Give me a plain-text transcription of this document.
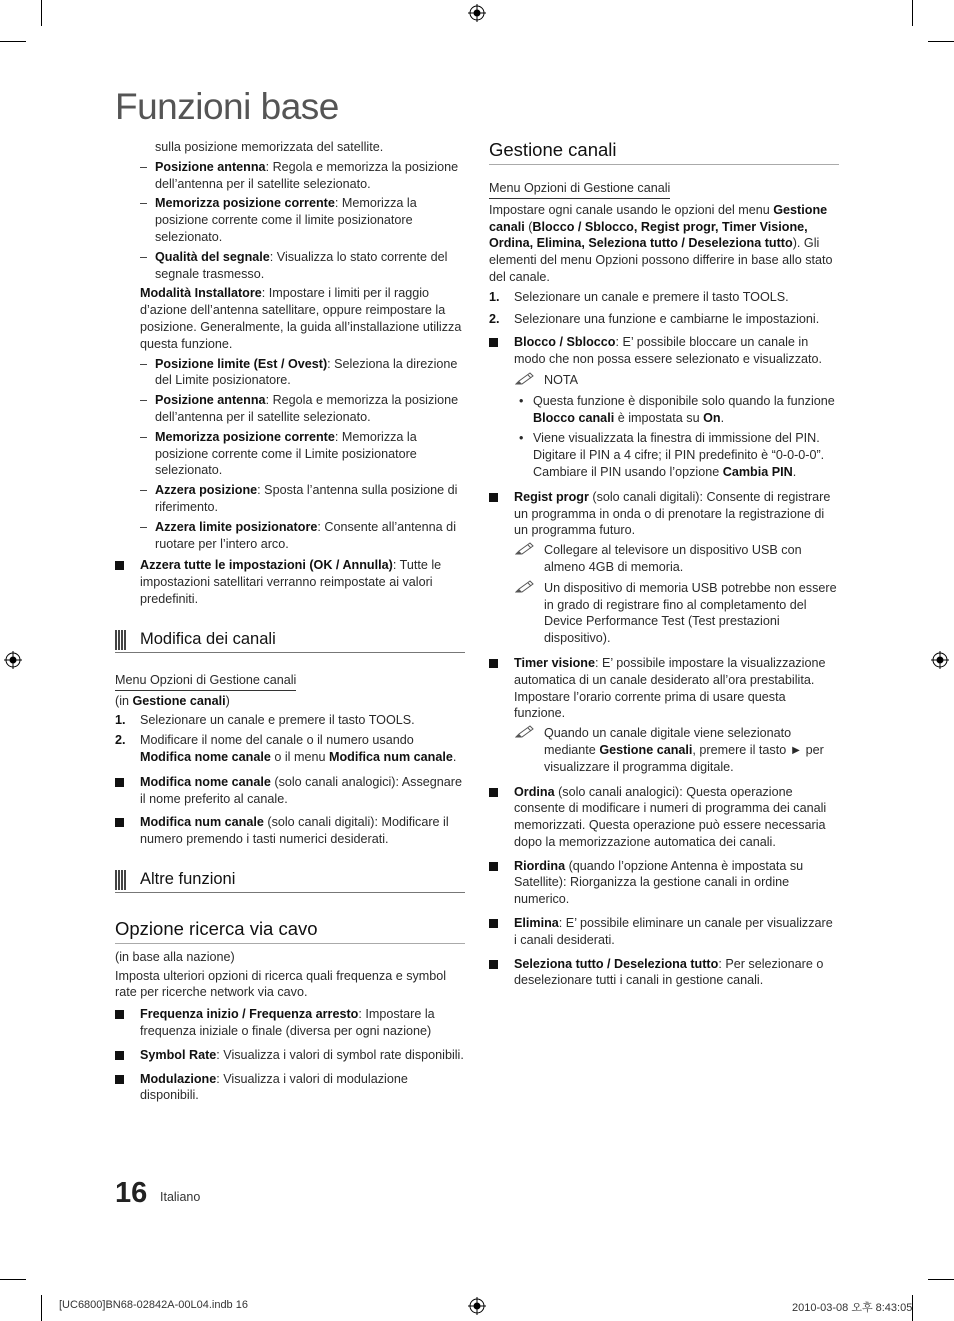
Funzioni base

sulla posizione memorizzata del satellite.

– Posizione antenna: Regola e memorizza la posizione dell’antenna per il satellite selezionato.
– Memorizza posizione corrente: Memorizza la posizione corrente come il limite posizionatore selezionato.
– Qualità del segnale: Visualizza lo stato corrente del segnale trasmesso.

Modalità Installatore: Impostare i limiti per il raggio d’azione dell’antenna satellitare, oppure reimpostare la posizione. Generalmente, la guida all’installazione utilizza questa funzione.

– Posizione limite (Est / Ovest): Seleziona la direzione del Limite posizionatore.
– Posizione antenna: Regola e memorizza la posizione dell’antenna per il satellite selezionato.
– Memorizza posizione corrente: Memorizza la posizione corrente come il Limite posizionatore selezionato.
– Azzera posizione: Sposta l’antenna sulla posizione di riferimento.
– Azzera limite posizionatore: Consente all’antenna di ruotare per l’intero arco.
Azzera tutte le impostazioni (OK / Annulla): Tutte le impostazioni satellitari verranno reimpostate ai valori predefiniti.
Modifica dei canali

Menu Opzioni di Gestione canali

(in Gestione canali)

1. Selezionare un canale e premere il tasto TOOLS.
2. Modificare il nome del canale o il numero usando Modifica nome canale o il menu Modifica num canale.
Modifica nome canale (solo canali analogici): Assegnare il nome preferito al canale.
Modifica num canale (solo canali digitali): Modificare il numero premendo i tasti numerici desiderati.
Altre funzioni
Opzione ricerca via cavo

(in base alla nazione)

Imposta ulteriori opzioni di ricerca quali frequenza e symbol rate per ricerche network via cavo.

Frequenza inizio / Frequenza arresto: Impostare la frequenza iniziale o finale (diversa per ogni nazione)
Symbol Rate: Visualizza i valori di symbol rate disponibili.
Modulazione: Visualizza i valori di modulazione disponibili.
Gestione canali

Menu Opzioni di Gestione canali

Impostare ogni canale usando le opzioni del menu Gestione canali (Blocco / Sblocco, Regist progr, Timer Visione, Ordina, Elimina, Seleziona tutto / Deseleziona tutto). Gli elementi del menu Opzioni possono differire in base allo stato del canale.

1. Selezionare un canale e premere il tasto TOOLS.
2. Selezionare una funzione e cambiarne le impostazioni.
Blocco / Sblocco: E’ possibile bloccare un canale in modo che non possa essere selezionato e visualizzato.
NOTA
• Questa funzione è disponibile solo quando la funzione Blocco canali è impostata su On.
• Viene visualizzata la finestra di immissione del PIN. Digitare il PIN a 4 cifre; il PIN predefinito è “0-0-0-0”. Cambiare il PIN usando l’opzione Cambia PIN.
Regist progr (solo canali digitali): Consente di registrare un programma in onda o di prenotare la registrazione di un programma futuro.
Collegare al televisore un dispositivo USB con almeno 4GB di memoria.
Un dispositivo di memoria USB potrebbe non essere in grado di registrare fino al completamento del Device Performance Test (Test prestazioni dispositivo).
Timer visione: E’ possibile impostare la visualizzazione automatica di un canale desiderato all’ora prestabilita. Impostare l’orario corrente prima di usare questa funzione.
Quando un canale digitale viene selezionato mediante Gestione canali, premere il tasto ► per visualizzare il programma digitale.
Ordina (solo canali analogici): Questa operazione consente di modificare i numeri di programma dei canali memorizzati. Questa operazione può essere necessaria dopo la memorizzazione automatica dei canali.
Riordina (quando l’opzione Antenna è impostata su Satellite): Riorganizza la gestione canali in ordine numerico.
Elimina: E’ possibile eliminare un canale per visualizzare i canali desiderati.
Seleziona tutto / Deseleziona tutto: Per selezionare o deselezionare tutti i canali in gestione canali.
16 Italiano
[UC6800]BN68-02842A-00L04.indb 16	2010-03-08 오후 8:43:05
